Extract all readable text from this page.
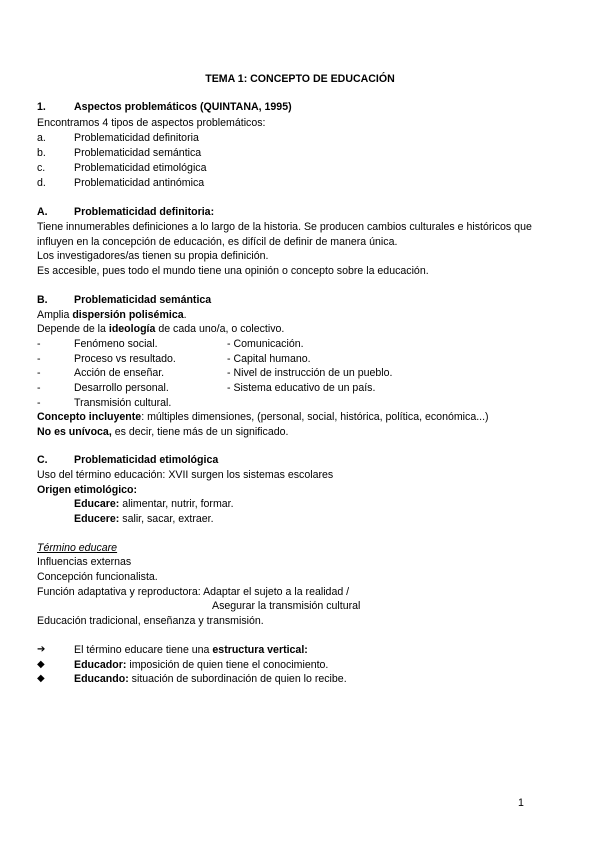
TEMA 1: CONCEPTO DE EDUCACIÓN
1.	Aspectos problemáticos (QUINTANA, 1995)
Encontramos 4 tipos de aspectos problemáticos:
a.	Problematicidad definitoria
b.	Problematicidad semántica
c.	Problematicidad etimológica
d.	Problematicidad antinómica
A. Problematicidad definitoria:
Tiene innumerables definiciones a lo largo de la historia. Se producen cambios culturales e históricos que
influyen en la concepción de educación, es difícil de definir de manera única.
Los investigadores/as tienen su propia definición.
Es accesible, pues todo el mundo tiene una opinión o concepto sobre la educación.
B. Problematicidad semántica
Amplia dispersión polisémica.
Depende de la ideología de cada uno/a, o colectivo.
-	Fenómeno social.	- Comunicación.
-	Proceso vs resultado.	- Capital humano.
-	Acción de enseñar.	- Nivel de instrucción de un pueblo.
-	Desarrollo personal.	- Sistema educativo de un país.
-	Transmisión cultural.
Concepto incluyente: múltiples dimensiones, (personal, social, histórica, política, económica...)
No es unívoca, es decir, tiene más de un significado.
C. Problematicidad etimológica
Uso del término educación: XVII surgen los sistemas escolares
Origen etimológico:
Educare: alimentar, nutrir, formar.
Educere: salir, sacar, extraer.
Término educare
Influencias externas
Concepción funcionalista.
Función adaptativa y reproductora: Adaptar el sujeto a la realidad /
Asegurar la transmisión cultural
Educación tradicional, enseñanza y transmisión.
➔	El término educare tiene una estructura vertical:
◆	Educador: imposición de quien tiene el conocimiento.
◆	Educando: situación de subordinación de quien lo recibe.
1
